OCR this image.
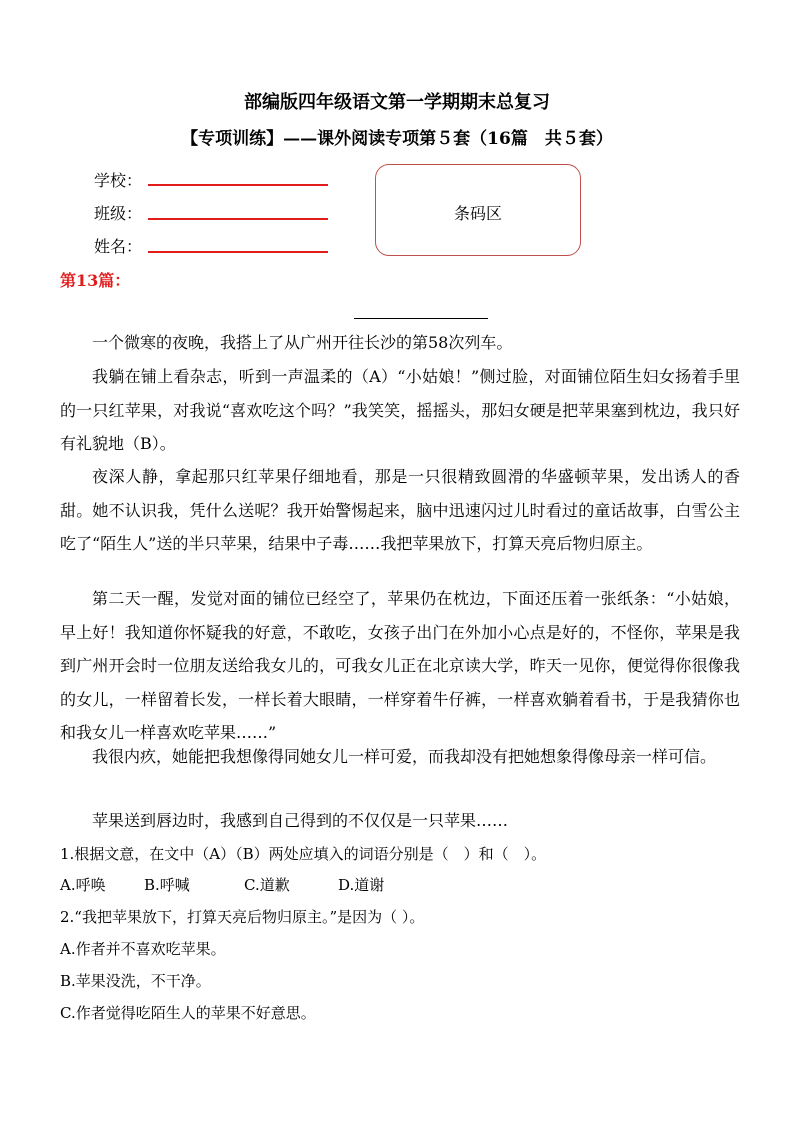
部编版四年级语文第一学期期末总复习
【专项训练】——课外阅读专项第５套（16篇　共５套）
学校：
班级：
姓名：
条码区
第13篇：

一个微寒的夜晚，我搭上了从广州开往长沙的第58次列车。

我躺在铺上看杂志，听到一声温柔的（A）“小姑娘！”侧过脸，对面铺位陌生妇女扬着手里的一只红苹果，对我说“喜欢吃这个吗？”我笑笑，摇摇头，那妇女硬是把苹果塞到枕边，我只好有礼貌地（B）。

夜深人静，拿起那只红苹果仔细地看，那是一只很精致圆滑的华盛顿苹果，发出诱人的香甜。她不认识我，凭什么送呢？我开始警惕起来，脑中迅速闪过儿时看过的童话故事，白雪公主吃了“陌生人”送的半只苹果，结果中子毒……我把苹果放下，打算天亮后物归原主。

第二天一醒，发觉对面的铺位已经空了，苹果仍在枕边，下面还压着一张纸条：“小姑娘，早上好！我知道你怀疑我的好意，不敢吃，女孩子出门在外加小心点是好的，不怪你，苹果是我到广州开会时一位朋友送给我女儿的，可我女儿正在北京读大学，昨天一见你，便觉得你很像我的女儿，一样留着长发，一样长着大眼睛，一样穿着牛仔裤，一样喜欢躺着看书，于是我猜你也和我女儿一样喜欢吃苹果……”

我很内疚，她能把我想像得同她女儿一样可爱，而我却没有把她想象得像母亲一样可信。

苹果送到唇边时，我感到自己得到的不仅仅是一只苹果……

1.根据文意，在文中（A）（B）两处应填入的词语分别是（　）和（　）。
A.呼唤	B.呼喊	C.道歉	D.道谢
2.“我把苹果放下，打算天亮后物归原主。”是因为（ ）。
A.作者并不喜欢吃苹果。
B.苹果没洗，不干净。
C.作者觉得吃陌生人的苹果不好意思。
